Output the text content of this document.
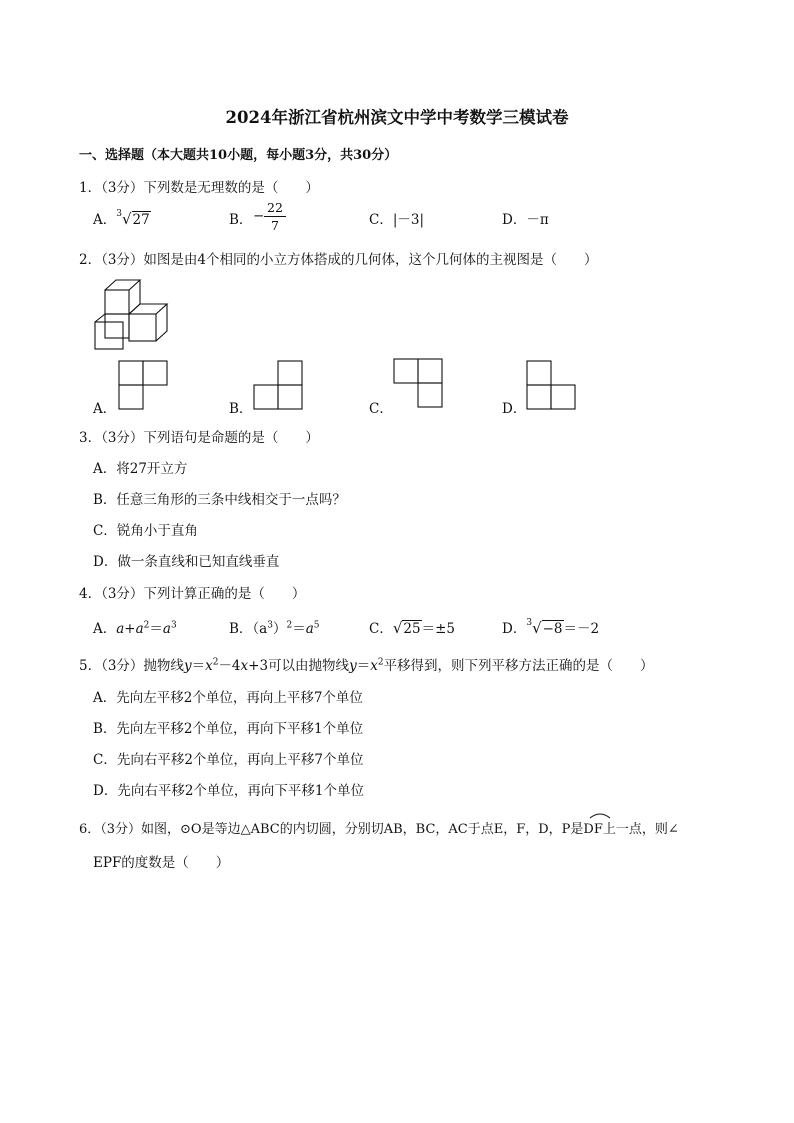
2024年浙江省杭州滨文中学中考数学三模试卷
一、选择题（本大题共10小题，每小题3分，共30分）
1．（3分）下列数是无理数的是（　　）
A．$^3$√27	B． −
22
7	C．|－3|	D．－π
2．（3分）如图是由4个相同的小立方体搭成的几何体，这个几何体的主视图是（　　）
A．	B．	C．	D．
3．（3分）下列语句是命题的是（　　）
A．将27开立方
B．任意三角形的三条中线相交于一点吗？
C．锐角小于直角
D．做一条直线和已知直线垂直
4．（3分）下列计算正确的是（　　）
A．$a+a^2=a^3$	B．$(a^3)^2=a^5$	C．√25＝±5	D．$^3$√−8＝－2
5．（3分）抛物线$y=x^2-4x+3$可以由抛物线$y=x^2$平移得到，则下列平移方法正确的是（　　）
A．先向左平移2个单位，再向上平移7个单位
B．先向左平移2个单位，再向下平移1个单位
C．先向右平移2个单位，再向上平移7个单位
D．先向右平移2个单位，再向下平移1个单位
6．（3分）如图，⊙O是等边△ABC的内切圆，分别切AB，BC，AC于点E，F，D，P是DF上一点，则∠
EPF的度数是（　　）
